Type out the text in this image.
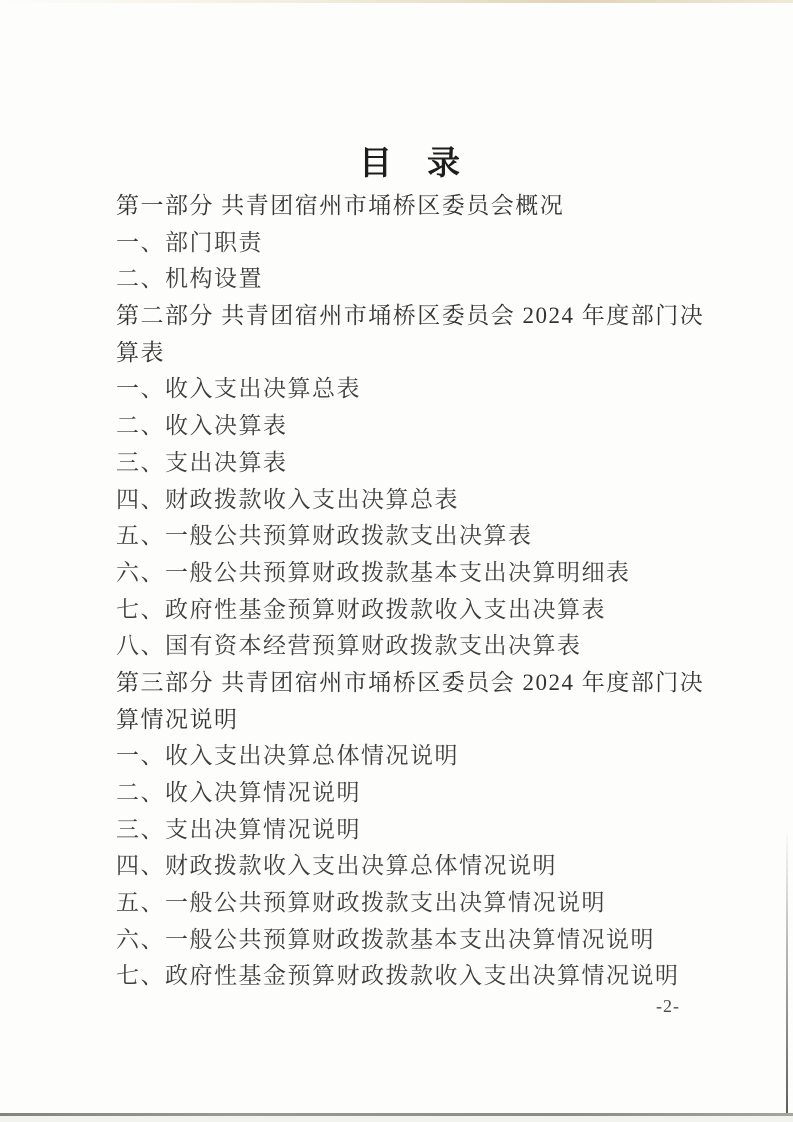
目　录
第一部分 共青团宿州市埇桥区委员会概况
一、部门职责
二、机构设置
第二部分 共青团宿州市埇桥区委员会 2024 年度部门决
算表
一、收入支出决算总表
二、收入决算表
三、支出决算表
四、财政拨款收入支出决算总表
五、一般公共预算财政拨款支出决算表
六、一般公共预算财政拨款基本支出决算明细表
七、政府性基金预算财政拨款收入支出决算表
八、国有资本经营预算财政拨款支出决算表
第三部分 共青团宿州市埇桥区委员会 2024 年度部门决
算情况说明
一、收入支出决算总体情况说明
二、收入决算情况说明
三、支出决算情况说明
四、财政拨款收入支出决算总体情况说明
五、一般公共预算财政拨款支出决算情况说明
六、一般公共预算财政拨款基本支出决算情况说明
七、政府性基金预算财政拨款收入支出决算情况说明
-2-
